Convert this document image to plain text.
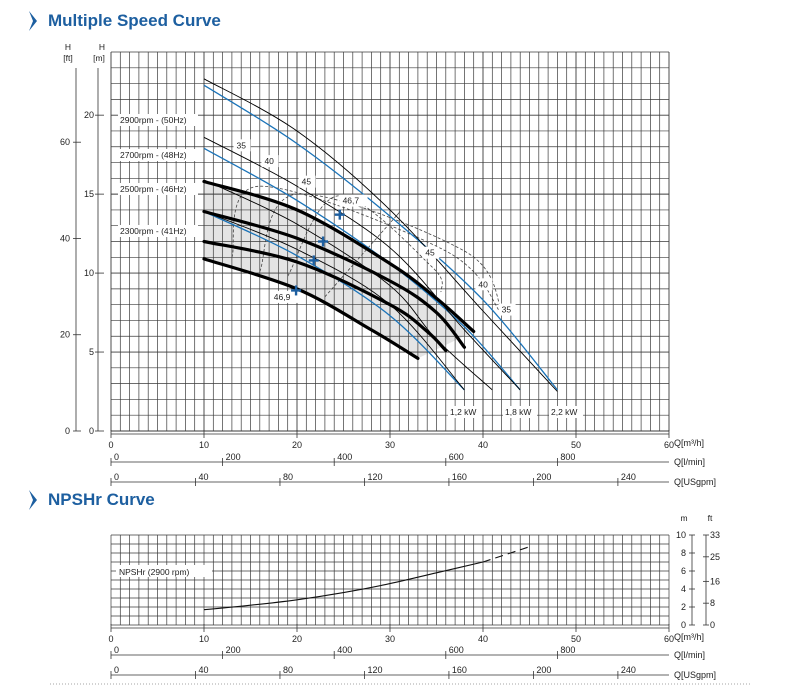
Multiple Speed Curve
H
[m]
H
[ft]
0
5
10
15
20
0
20
40
60
2900rpm - (50Hz)
2700rpm - (48Hz)
2500rpm - (46Hz)
2300rpm - (41Hz)
1,2 kW	1,8 kW 2,2 kW
35
40
45
46,7
45
40
35
46,9
0	10	20	30	40	50	60 Q[m³/h]
0	200	400	600	800	Q[l/min]
0	40	80	120	160	200	240	Q[USgpm]
NPSHr Curve
m ft
0
2
4
6
8
10
0
8
16
25
33
NPSHr (2900 rpm)
0	10	20	30	40	50	60 Q[m³/h]
0	200	400	600	800	Q[l/min]
0	40	80	120	160	200	240	Q[USgpm]
